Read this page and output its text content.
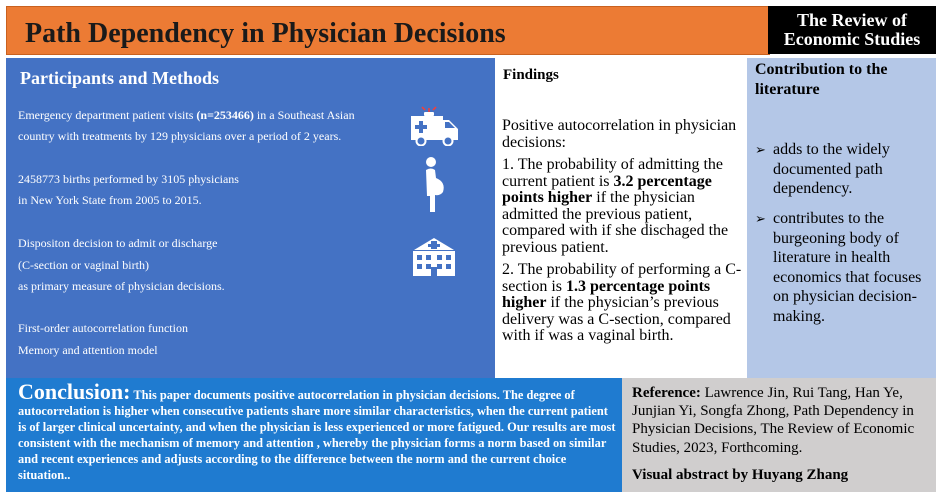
Path Dependency in Physician Decisions	The Review of
Economic Studies
Participants and Methods
Emergency department patient visits (n=253466) in a Southeast Asian
country with treatments by 129 physicians over a period of 2 years.
2458773 births performed by 3105 physicians
in New York State from 2005 to 2015.
Dispositon decision to admit or discharge
(C-section or vaginal birth)
as primary measure of physician decisions.
First-order autocorrelation function
Memory and attention model
Findings

Positive autocorrelation in physician decisions:

1. The probability of admitting the current patient is 3.2 percentage points higher if the physician admitted the previous patient, compared with if she dischaged the previous patient.

2. The probability of performing a C-section is 1.3 percentage points higher if the physician’s previous delivery was a C-section, compared with if was a vaginal birth.

Contribution to the literature
➢ adds to the widely documented path dependency.
➢ contributes to the burgeoning body of literature in health economics that focuses on physician decision-making.
Conclusion: This paper documents positive autocorrelation in physician decisions. The degree of autocorrelation is higher when consecutive patients share more similar characteristics, when the current patient is of larger clinical uncertainty, and when the physician is less experienced or more fatigued. Our results are most consistent with the mechanism of memory and attention , whereby the physician forms a norm based on similar and recent experiences and adjusts according to the difference between the norm and the current choice situation..
Reference: Lawrence Jin, Rui Tang, Han Ye, Junjian Yi, Songfa Zhong, Path Dependency in Physician Decisions, The Review of Economic Studies, 2023, Forthcoming.
Visual abstract by Huyang Zhang
